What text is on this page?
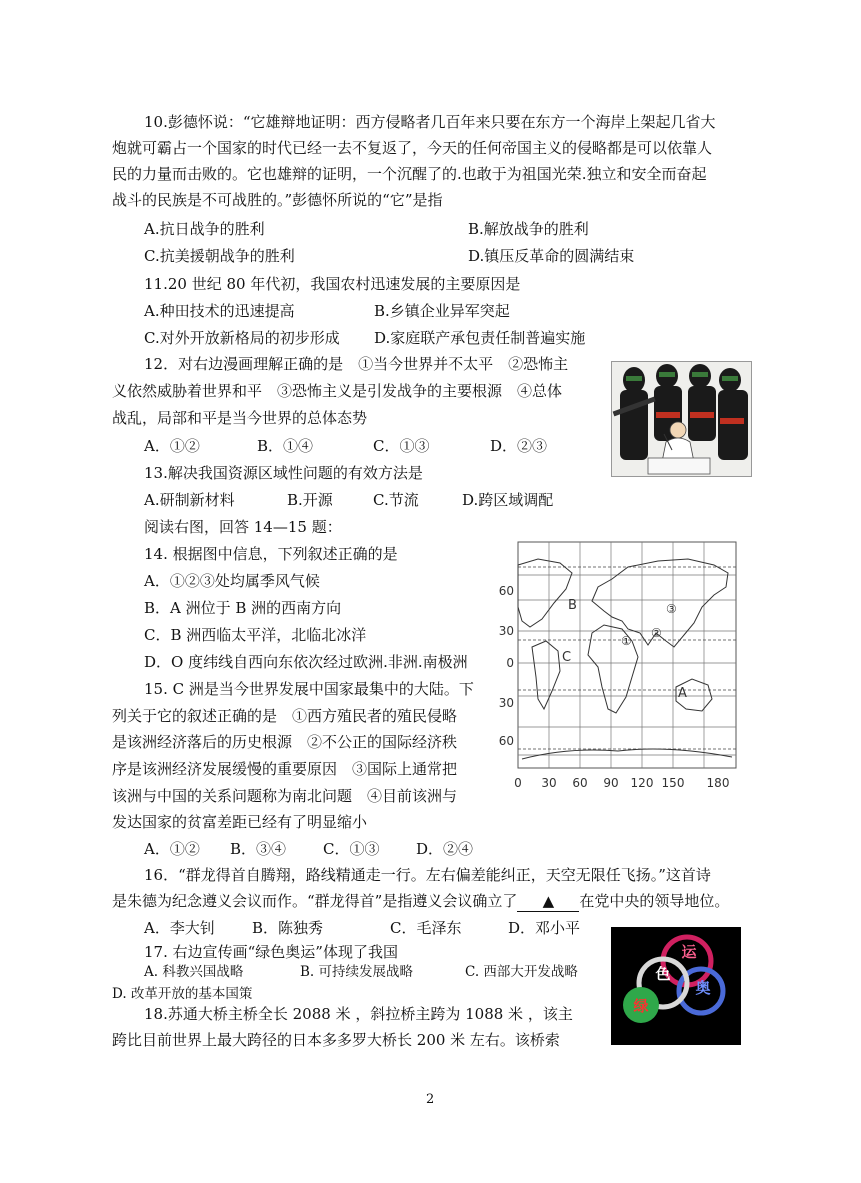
10.彭德怀说：“它雄辩地证明：西方侵略者几百年来只要在东方一个海岸上架起几省大
炮就可霸占一个国家的时代已经一去不复返了，今天的任何帝国主义的侵略都是可以依靠人
民的力量而击败的。它也雄辩的证明，一个沉醒了的.也敢于为祖国光荣.独立和安全而奋起
战斗的民族是不可战胜的。”彭德怀所说的“它”是指
A.抗日战争的胜利	B.解放战争的胜利
C.抗美援朝战争的胜利	D.镇压反革命的圆满结束
11.20 世纪 80 年代初，我国农村迅速发展的主要原因是
A.种田技术的迅速提高	B.乡镇企业异军突起
C.对外开放新格局的初步形成 D.家庭联产承包责任制普遍实施
12．对右边漫画理解正确的是　①当今世界并不太平　②恐怖主
义依然威胁着世界和平　③恐怖主义是引发战争的主要根源　④总体
战乱，局部和平是当今世界的总体态势
A．①②	B．①④	C．①③	D．②③
13.解决我国资源区域性问题的有效方法是
A.研制新材料	B.开源	C.节流	D.跨区域调配
阅读右图，回答 14—15 题：
14. 根据图中信息，下列叙述正确的是
A．①②③处均属季风气候
B．A 洲位于 B 洲的西南方向
C．B 洲西临太平洋，北临北冰洋
D．O 度纬线自西向东依次经过欧洲.非洲.南极洲
B
C
A
①
②
③
60
30
0
30
60
0 30 60 90 120 150 180
15. C 洲是当今世界发展中国家最集中的大陆。下
列关于它的叙述正确的是　①西方殖民者的殖民侵略
是该洲经济落后的历史根源　②不公正的国际经济秩
序是该洲经济发展缓慢的重要原因　③国际上通常把
该洲与中国的关系问题称为南北问题　④目前该洲与
发达国家的贫富差距已经有了明显缩小
A．①② B．③④ C．①③ D．②④
16．“群龙得首自腾翔，路线精通走一行。左右偏差能纠正，天空无限任飞扬。”这首诗
是朱德为纪念遵义会议而作。“群龙得首”是指遵义会议确立了 ▲ 在党中央的领导地位。
A．李大钊 B．陈独秀	C．毛泽东	D．邓小平
17. 右边宣传画“绿色奥运”体现了我国
A. 科教兴国战略	B. 可持续发展战略	C. 西部大开发战略
D. 改革开放的基本国策
运
奥
色
绿
18.苏通大桥主桥全长 2088 米 ，斜拉桥主跨为 1088 米 ，该主
跨比目前世界上最大跨径的日本多多罗大桥长 200 米 左右。该桥索
2
